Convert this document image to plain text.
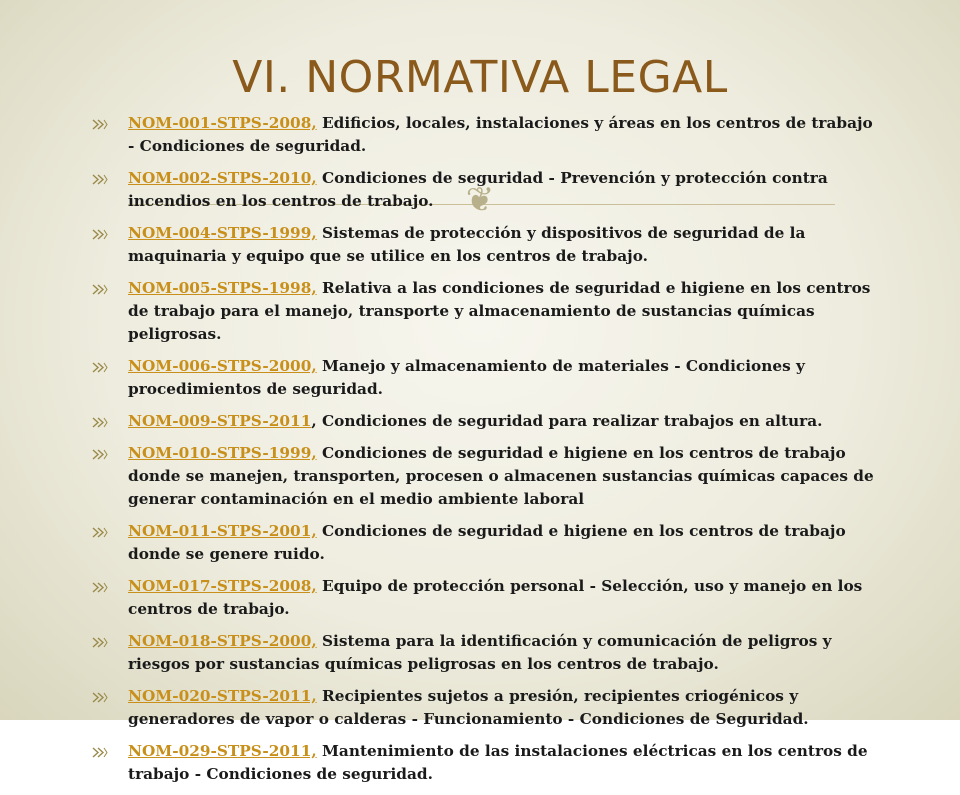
VI. NORMATIVA LEGAL
❦
NOM-001-STPS-2008, Edificios, locales, instalaciones y áreas en los centros de trabajo - Condiciones de seguridad.
NOM-002-STPS-2010, Condiciones de seguridad - Prevención y protección contra incendios en los centros de trabajo.
NOM-004-STPS-1999, Sistemas de protección y dispositivos de seguridad de la maquinaria y equipo que se utilice en los centros de trabajo.
NOM-005-STPS-1998, Relativa a las condiciones de seguridad e higiene en los centros de trabajo para el manejo, transporte y almacenamiento de sustancias químicas peligrosas.
NOM-006-STPS-2000, Manejo y almacenamiento de materiales - Condiciones y procedimientos de seguridad.
NOM-009-STPS-2011, Condiciones de seguridad para realizar trabajos en altura.
NOM-010-STPS-1999, Condiciones de seguridad e higiene en los centros de trabajo donde se manejen, transporten, procesen o almacenen sustancias químicas capaces de generar contaminación en el medio ambiente laboral
NOM-011-STPS-2001, Condiciones de seguridad e higiene en los centros de trabajo donde se genere ruido.
NOM-017-STPS-2008, Equipo de protección personal - Selección, uso y manejo en los centros de trabajo.
NOM-018-STPS-2000, Sistema para la identificación y comunicación de peligros y riesgos por sustancias químicas peligrosas en los centros de trabajo.
NOM-020-STPS-2011, Recipientes sujetos a presión, recipientes criogénicos y generadores de vapor o calderas - Funcionamiento - Condiciones de Seguridad.
NOM-029-STPS-2011, Mantenimiento de las instalaciones eléctricas en los centros de trabajo - Condiciones de seguridad.
